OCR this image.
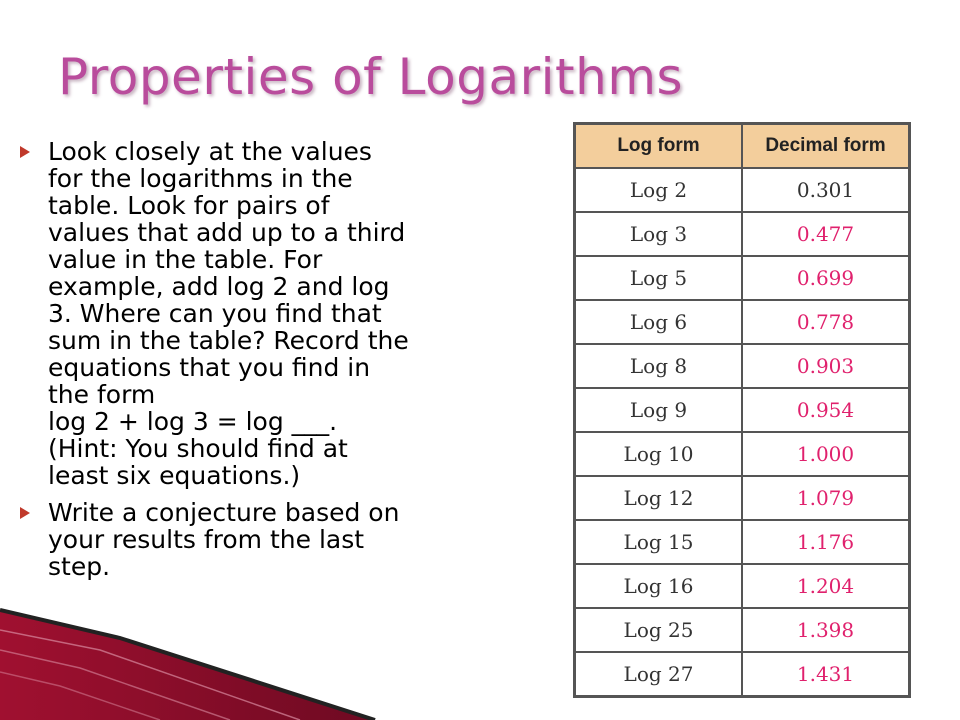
Properties of Logarithms
Look closely at the values
for the logarithms in the
table. Look for pairs of
values that add up to a third
value in the table. For
example, add log 2 and log
3. Where can you find that
sum in the table? Record the
equations that you find in
the form
log 2 + log 3 = log ___.
(Hint: You should find at
least six equations.)
Write a conjecture based on
your results from the last
step.
Log form	Decimal form
Log 2	0.301
Log 3	0.477
Log 5	0.699
Log 6	0.778
Log 8	0.903
Log 9	0.954
Log 10	1.000
Log 12	1.079
Log 15	1.176
Log 16	1.204
Log 25	1.398
Log 27	1.431
